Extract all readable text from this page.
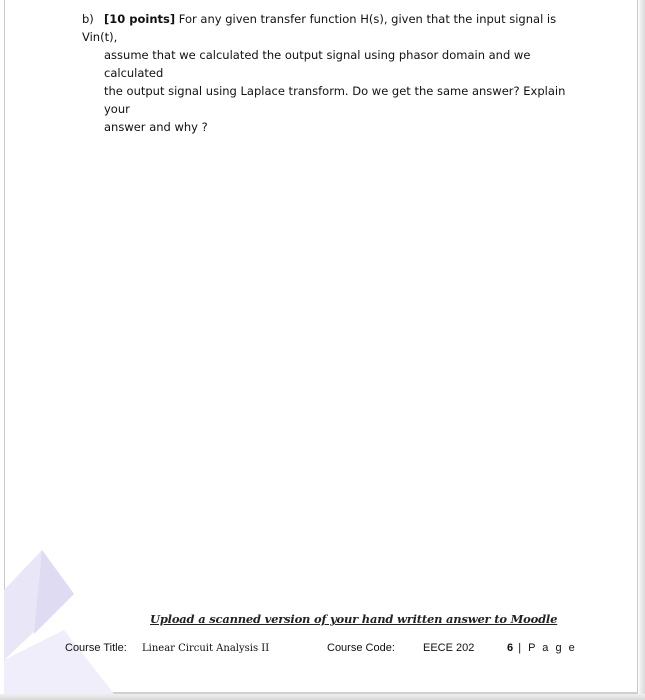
b) [10 points] For any given transfer function H(s), given that the input signal is Vin(t),
assume that we calculated the output signal using phasor domain and we calculated
the output signal using Laplace transform. Do we get the same answer? Explain your
answer and why ?
Upload a scanned version of your hand written answer to Moodle
Course Title: Linear Circuit Analysis II	Course Code:	EECE 202	6 | P a g e
